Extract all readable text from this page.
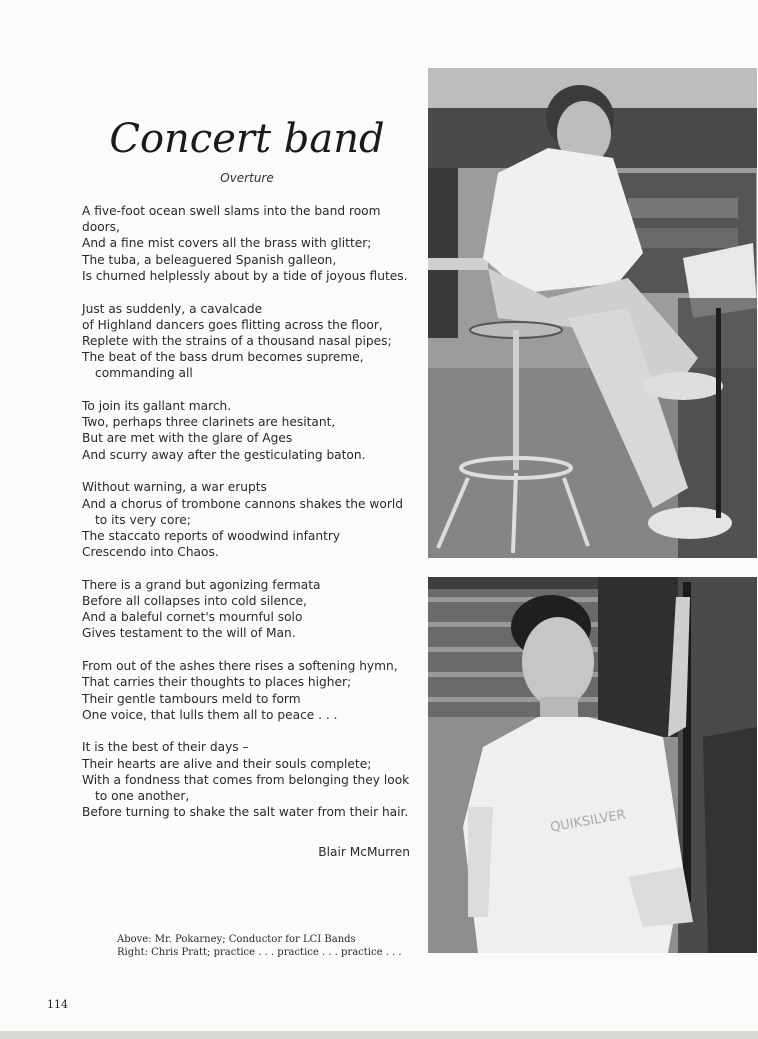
Concert band
Overture
A five-foot ocean swell slams into the band room
doors,
And a fine mist covers all the brass with glitter;
The tuba, a beleaguered Spanish galleon,
Is churned helplessly about by a tide of joyous flutes.
Just as suddenly, a cavalcade
of Highland dancers goes flitting across the floor,
Replete with the strains of a thousand nasal pipes;
The beat of the bass drum becomes supreme,
commanding all
To join its gallant march.
Two, perhaps three clarinets are hesitant,
But are met with the glare of Ages
And scurry away after the gesticulating baton.
Without warning, a war erupts
And a chorus of trombone cannons shakes the world
to its very core;
The staccato reports of woodwind infantry
Crescendo into Chaos.
There is a grand but agonizing fermata
Before all collapses into cold silence,
And a baleful cornet's mournful solo
Gives testament to the will of Man.
From out of the ashes there rises a softening hymn,
That carries their thoughts to places higher;
Their gentle tambours meld to form
One voice, that lulls them all to peace . . .
It is the best of their days –
Their hearts are alive and their souls complete;
With a fondness that comes from belonging they look
to one another,
Before turning to shake the salt water from their hair.
Blair McMurren
QUIKSILVER
Above: Mr. Pokarney; Conductor for LCI Bands
Right: Chris Pratt; practice . . . practice . . . practice . . .
114
